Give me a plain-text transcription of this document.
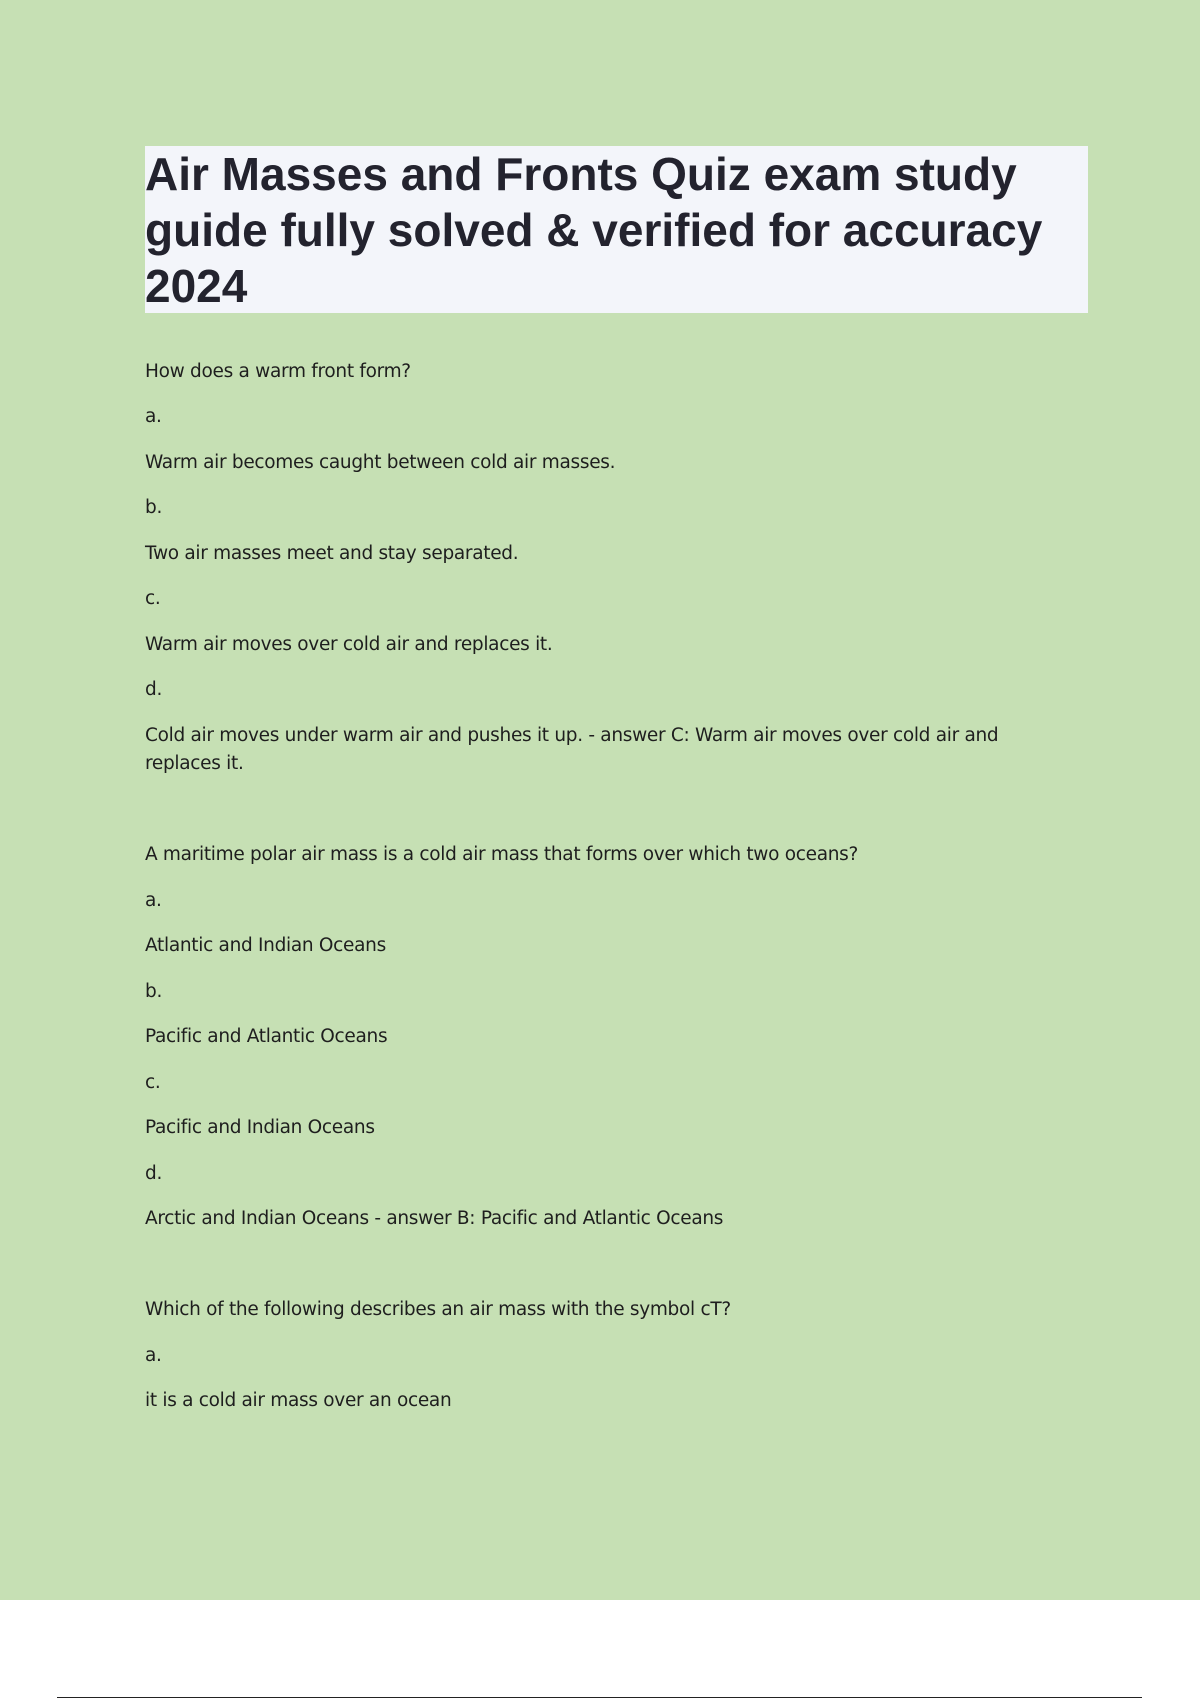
Air Masses and Fronts Quiz exam study guide fully solved & verified for accuracy 2024

How does a warm front form?

a.

Warm air becomes caught between cold air masses.

b.

Two air masses meet and stay separated.

c.

Warm air moves over cold air and replaces it.

d.

Cold air moves under warm air and pushes it up. - answer C: Warm air moves over cold air and replaces it.

A maritime polar air mass is a cold air mass that forms over which two oceans?

a.

Atlantic and Indian Oceans

b.

Pacific and Atlantic Oceans

c.

Pacific and Indian Oceans

d.

Arctic and Indian Oceans - answer B: Pacific and Atlantic Oceans

Which of the following describes an air mass with the symbol cT?

a.

it is a cold air mass over an ocean
